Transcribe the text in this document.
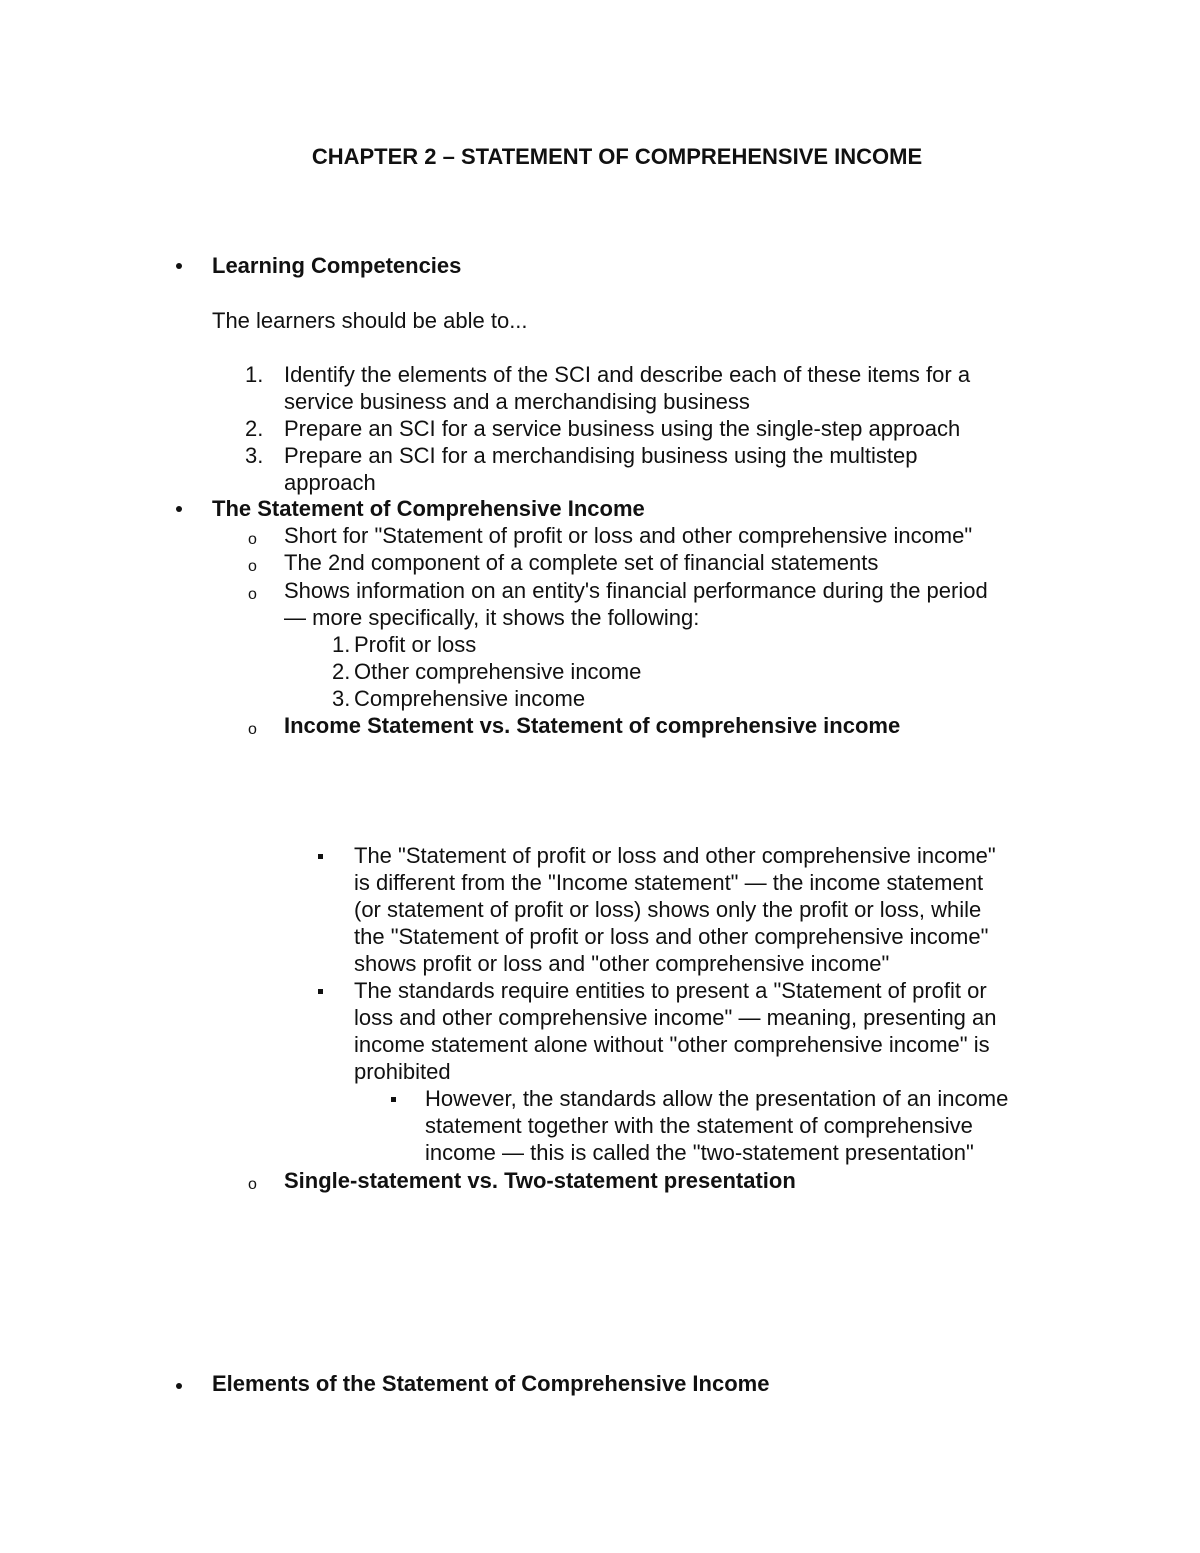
CHAPTER 2 – STATEMENT OF COMPREHENSIVE INCOME
Learning Competencies
The learners should be able to...
1. Identify the elements of the SCI and describe each of these items for a
service business and a merchandising business
2. Prepare an SCI for a service business using the single-step approach
3. Prepare an SCI for a merchandising business using the multistep
approach
The Statement of Comprehensive Income
o Short for "Statement of profit or loss and other comprehensive income"
o The 2nd component of a complete set of financial statements
o Shows information on an entity's financial performance during the period
— more specifically, it shows the following:
1. Profit or loss
2. Other comprehensive income
3. Comprehensive income
o Income Statement vs. Statement of comprehensive income
The "Statement of profit or loss and other comprehensive income"
is different from the "Income statement" — the income statement
(or statement of profit or loss) shows only the profit or loss, while
the "Statement of profit or loss and other comprehensive income"
shows profit or loss and "other comprehensive income"
The standards require entities to present a "Statement of profit or
loss and other comprehensive income" — meaning, presenting an
income statement alone without "other comprehensive income" is
prohibited
However, the standards allow the presentation of an income
statement together with the statement of comprehensive
income — this is called the "two-statement presentation"
o Single-statement vs. Two-statement presentation
Elements of the Statement of Comprehensive Income
